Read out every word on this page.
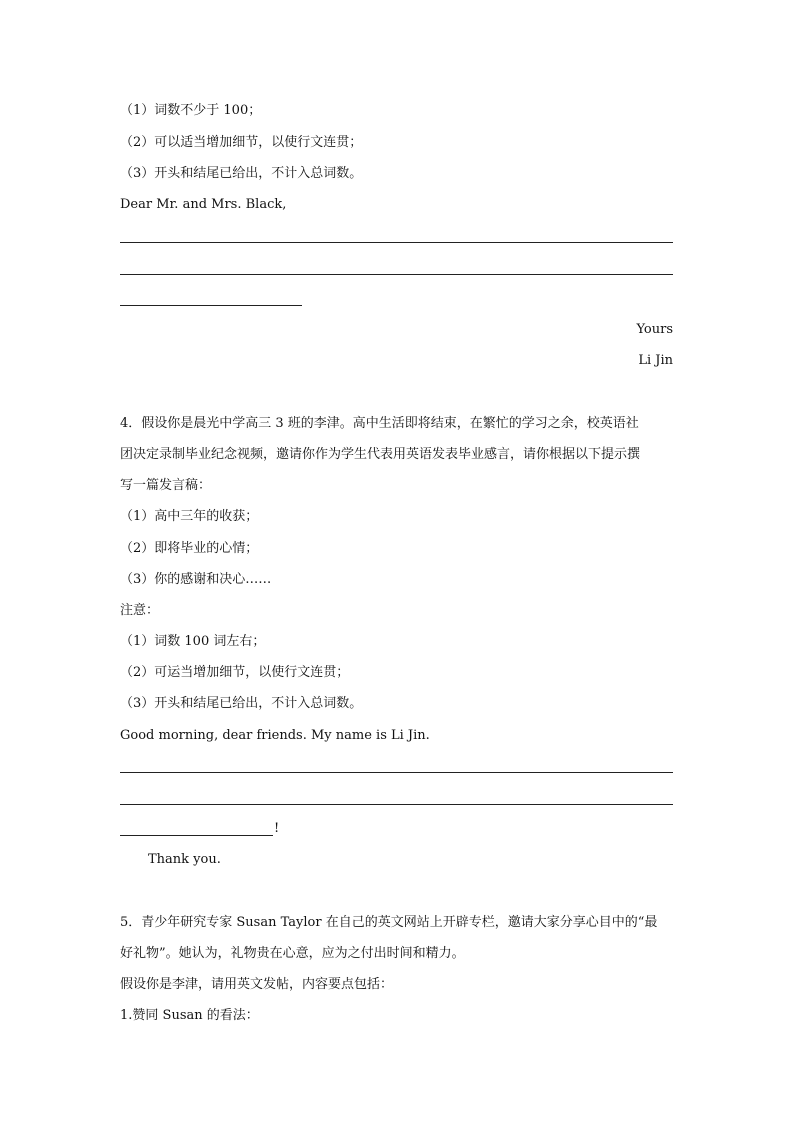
（1）词数不少于 100；
（2）可以适当增加细节，以使行文连贯；
（3）开头和结尾已给出，不计入总词数。
Dear Mr. and Mrs. Black,
Yours
Li Jin
4．假设你是晨光中学高三 3 班的李津。高中生活即将结束，在繁忙的学习之余，校英语社
团决定录制毕业纪念视频，邀请你作为学生代表用英语发表毕业感言，请你根据以下提示撰
写一篇发言稿：
（1）高中三年的收获；
（2）即将毕业的心情；
（3）你的感谢和决心……
注意：
（1）词数 100 词左右；
（2）可运当增加细节，以使行文连贯；
（3）开头和结尾已给出，不计入总词数。
Good morning, dear friends. My name is Li Jin.
!
Thank you.
5．青少年研究专家 Susan Taylor 在自己的英文网站上开辟专栏，邀请大家分享心目中的“最
好礼物”。她认为，礼物贵在心意，应为之付出时间和精力。
假设你是李津，请用英文发帖，内容要点包括：
1.赞同 Susan 的看法：
